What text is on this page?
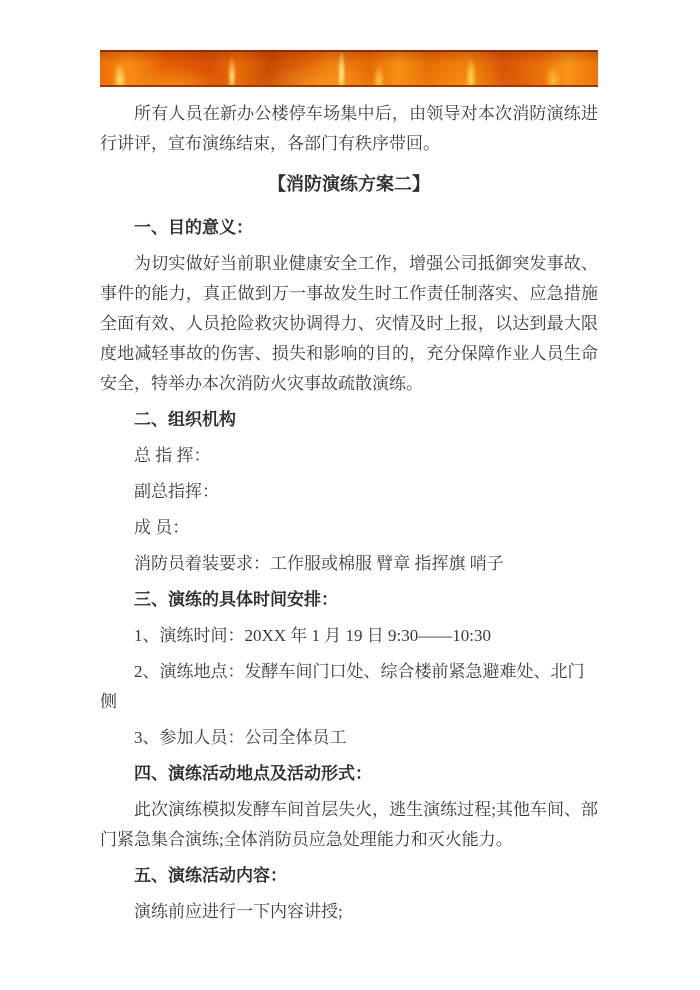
所有人员在新办公楼停车场集中后，由领导对本次消防演练进行讲评，宣布演练结束，各部门有秩序带回。

【消防演练方案二】
一、目的意义：

为切实做好当前职业健康安全工作，增强公司抵御突发事故、事件的能力，真正做到万一事故发生时工作责任制落实、应急措施全面有效、人员抢险救灾协调得力、灾情及时上报，以达到最大限度地减轻事故的伤害、损失和影响的目的，充分保障作业人员生命安全，特举办本次消防火灾事故疏散演练。

二、组织机构

总 指 挥：

副总指挥：

成 员：

消防员着装要求：工作服或棉服 臂章 指挥旗 哨子

三、演练的具体时间安排：

1、演练时间：20XX 年 1 月 19 日 9:30——10:30

2、演练地点：发酵车间门口处、综合楼前紧急避难处、北门侧

3、参加人员：公司全体员工

四、演练活动地点及活动形式：

此次演练模拟发酵车间首层失火，逃生演练过程;其他车间、部门紧急集合演练;全体消防员应急处理能力和灭火能力。

五、演练活动内容：

演练前应进行一下内容讲授;
